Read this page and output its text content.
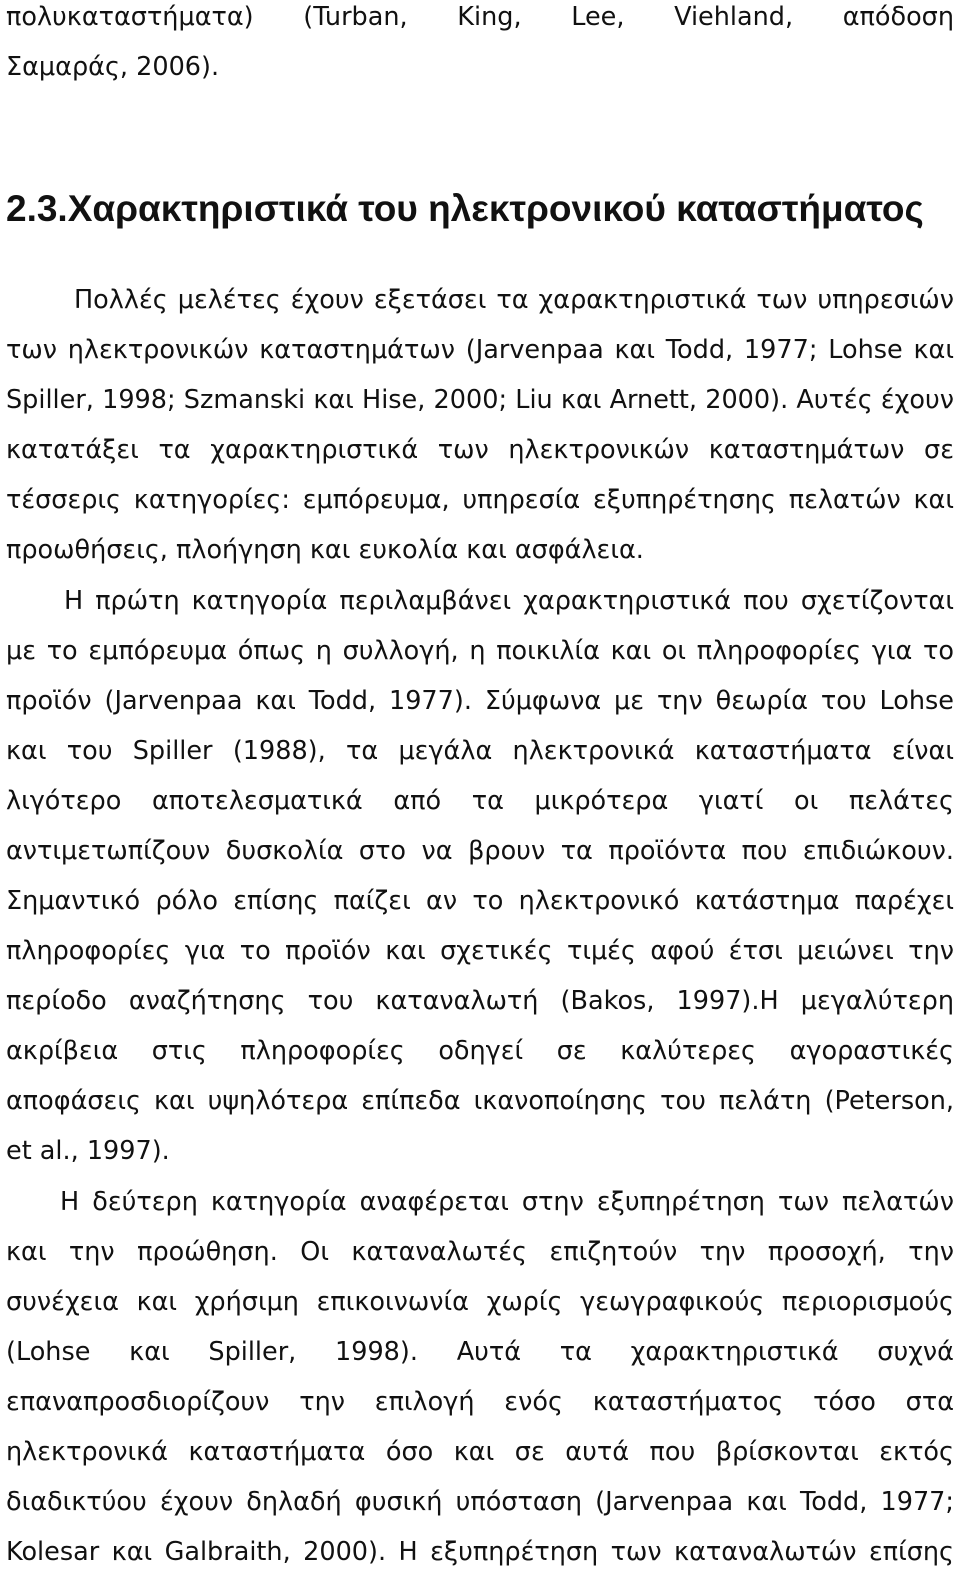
πολυκαταστήματα) (Turban, King, Lee, Viehland, απόδοση
Σαμαράς, 2006).
2.3.Χαρακτηριστικά του ηλεκτρονικού καταστήματος
Πολλές μελέτες έχουν εξετάσει τα χαρακτηριστικά των υπηρεσιών
των ηλεκτρονικών καταστημάτων (Jarvenpaa και Todd, 1977; Lohse και
Spiller, 1998; Szmanski και Hise, 2000; Liu και Arnett, 2000). Αυτές έχουν
κατατάξει τα χαρακτηριστικά των ηλεκτρονικών καταστημάτων σε
τέσσερις κατηγορίες: εμπόρευμα, υπηρεσία εξυπηρέτησης πελατών και
προωθήσεις, πλοήγηση και ευκολία και ασφάλεια.
Η πρώτη κατηγορία περιλαμβάνει χαρακτηριστικά που σχετίζονται
με το εμπόρευμα όπως η συλλογή, η ποικιλία και οι πληροφορίες για το
προϊόν (Jarvenpaa και Todd, 1977). Σύμφωνα με την θεωρία του Lohse
και του Spiller (1988), τα μεγάλα ηλεκτρονικά καταστήματα είναι
λιγότερο αποτελεσματικά από τα μικρότερα γιατί οι πελάτες
αντιμετωπίζουν δυσκολία στο να βρουν τα προϊόντα που επιδιώκουν.
Σημαντικό ρόλο επίσης παίζει αν το ηλεκτρονικό κατάστημα παρέχει
πληροφορίες για το προϊόν και σχετικές τιμές αφού έτσι μειώνει την
περίοδο αναζήτησης του καταναλωτή (Bakos, 1997).Η μεγαλύτερη
ακρίβεια στις πληροφορίες οδηγεί σε καλύτερες αγοραστικές
αποφάσεις και υψηλότερα επίπεδα ικανοποίησης του πελάτη (Peterson,
et al., 1997).
Η δεύτερη κατηγορία αναφέρεται στην εξυπηρέτηση των πελατών
και την προώθηση. Οι καταναλωτές επιζητούν την προσοχή, την
συνέχεια και χρήσιμη επικοινωνία χωρίς γεωγραφικούς περιορισμούς
(Lohse και Spiller, 1998). Αυτά τα χαρακτηριστικά συχνά
επαναπροσδιορίζουν την επιλογή ενός καταστήματος τόσο στα
ηλεκτρονικά καταστήματα όσο και σε αυτά που βρίσκονται εκτός
διαδικτύου έχουν δηλαδή φυσική υπόσταση (Jarvenpaa και Todd, 1977;
Kolesar και Galbraith, 2000). Η εξυπηρέτηση των καταναλωτών επίσης
